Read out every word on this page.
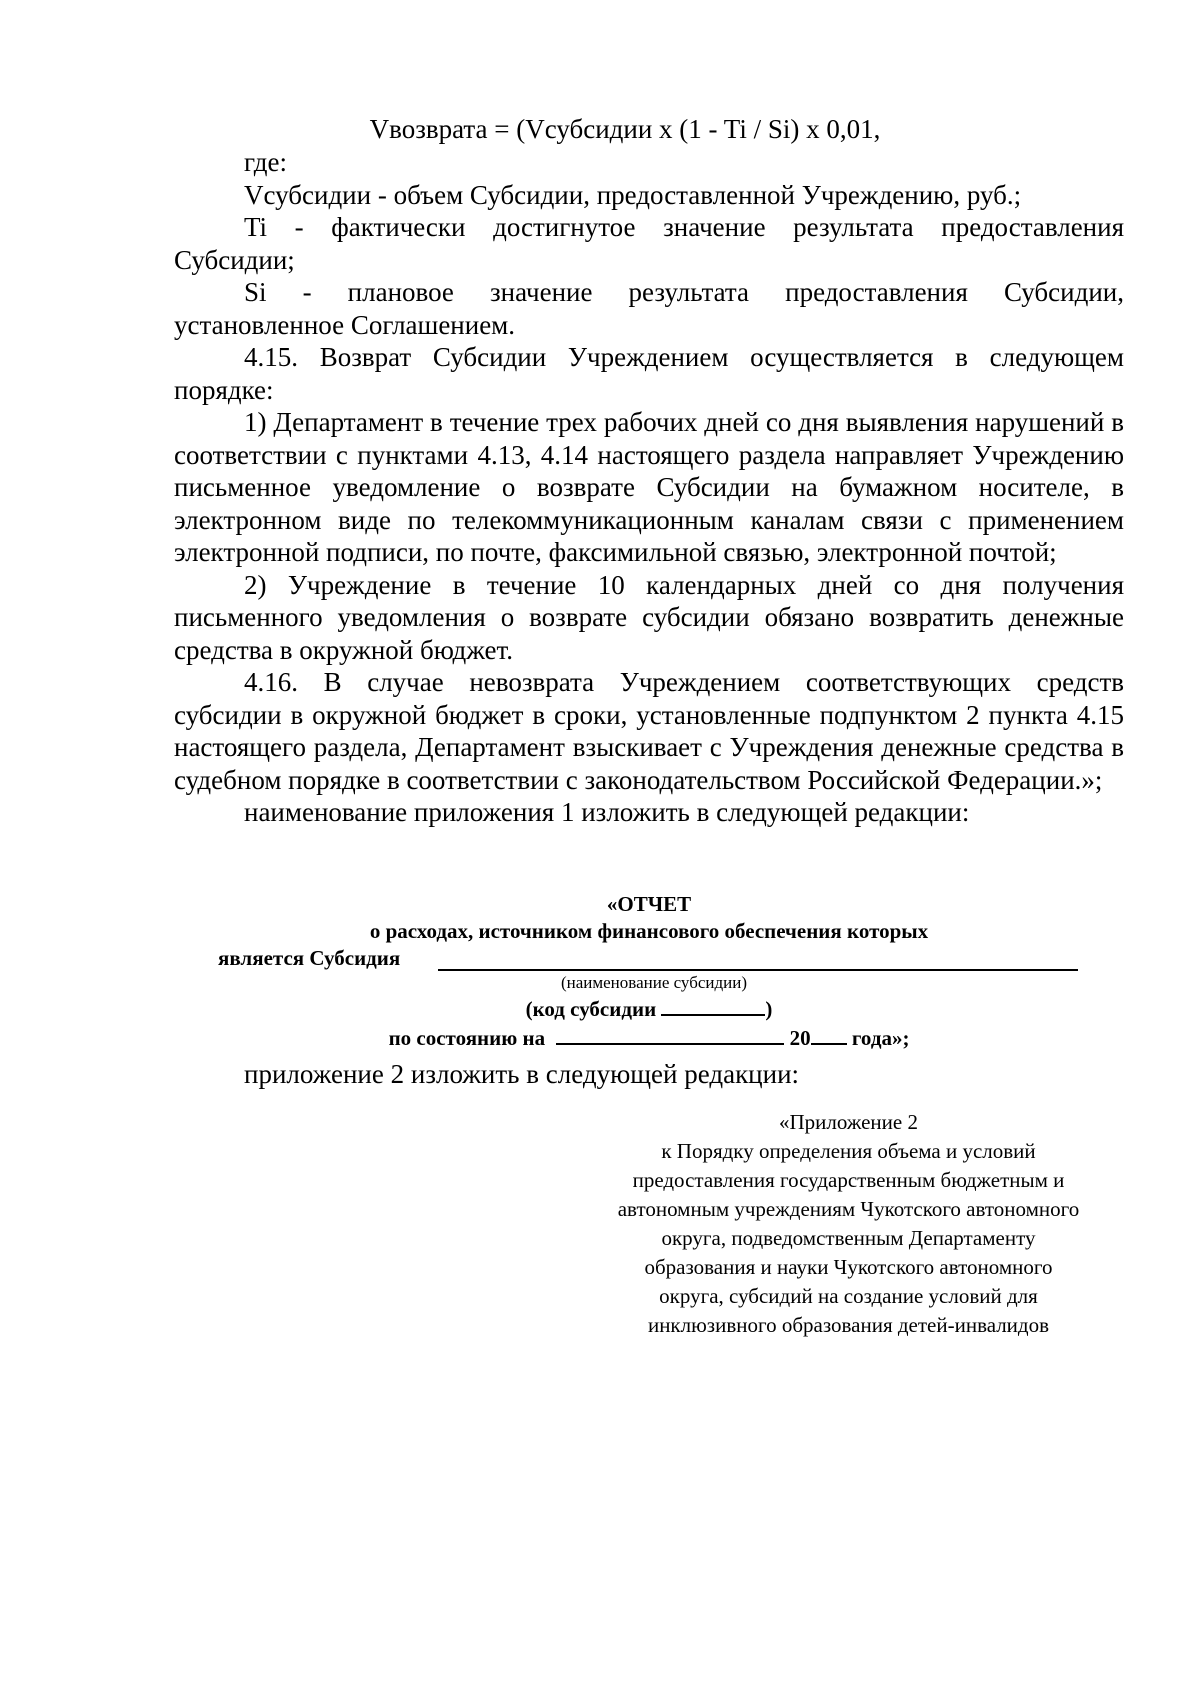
Vвозврата = (Vсубсидии x (1 - Ti / Si) x 0,01,

где:

Vсубсидии - объем Субсидии, предоставленной Учреждению, руб.;

Ti - фактически достигнутое значение результата предоставления Субсидии;

Si - плановое значение результата предоставления Субсидии, установленное Соглашением.

4.15. Возврат Субсидии Учреждением осуществляется в следующем порядке:

1) Департамент в течение трех рабочих дней со дня выявления нарушений в соответствии с пунктами 4.13, 4.14 настоящего раздела направляет Учреждению письменное уведомление о возврате Субсидии на бумажном носителе, в электронном виде по телекоммуникационным каналам связи с применением электронной подписи, по почте, факсимильной связью, электронной почтой;

2) Учреждение в течение 10 календарных дней со дня получения письменного уведомления о возврате субсидии обязано возвратить денежные средства в окружной бюджет.

4.16. В случае невозврата Учреждением соответствующих средств субсидии в окружной бюджет в сроки, установленные подпунктом 2 пункта 4.15 настоящего раздела, Департамент взыскивает с Учреждения денежные средства в судебном порядке в соответствии с законодательством Российской Федерации.»;

наименование приложения 1 изложить в следующей редакции:

«ОТЧЕТ
о расходах, источником финансового обеспечения которых
является Субсидия
(наименование субсидии)
(код субсидии	)
по состоянию на	20 года»;

приложение 2 изложить в следующей редакции:

«Приложение 2

к Порядку определения объема и условий

предоставления государственным бюджетным и

автономным учреждениям Чукотского автономного

округа, подведомственным Департаменту

образования и науки Чукотского автономного

округа, субсидий на создание условий для

инклюзивного образования детей-инвалидов
